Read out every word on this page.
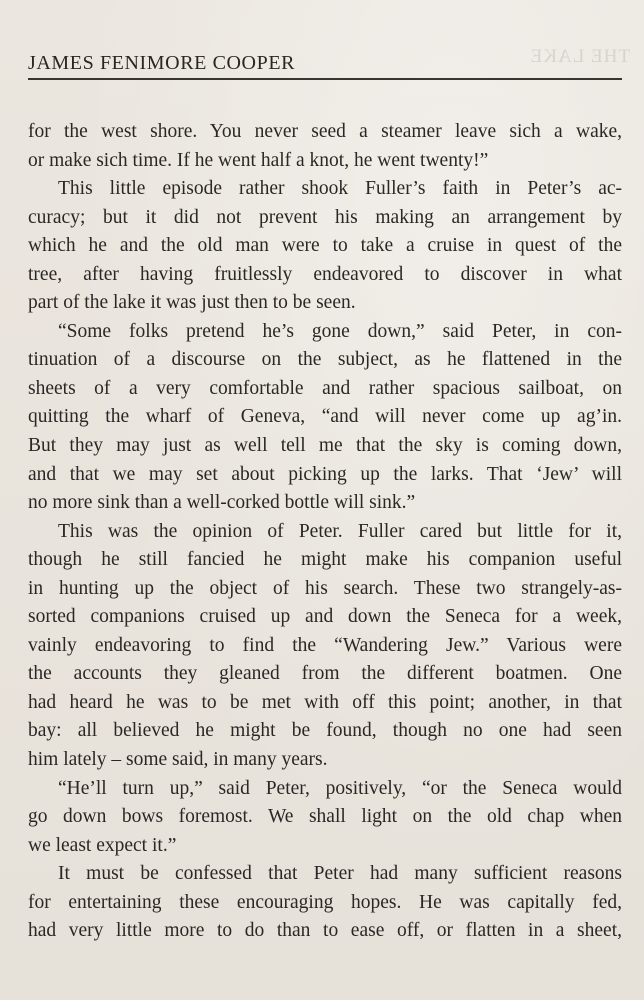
THE LAKE
JAMES FENIMORE COOPER
for the west shore. You never seed a steamer leave sich a wake,
or make sich time. If he went half a knot, he went twenty!”
This little episode rather shook Fuller’s faith in Peter’s ac-
curacy; but it did not prevent his making an arrangement by
which he and the old man were to take a cruise in quest of the
tree, after having fruitlessly endeavored to discover in what
part of the lake it was just then to be seen.
“Some folks pretend he’s gone down,” said Peter, in con-
tinuation of a discourse on the subject, as he flattened in the
sheets of a very comfortable and rather spacious sailboat, on
quitting the wharf of Geneva, “and will never come up ag’in.
But they may just as well tell me that the sky is coming down,
and that we may set about picking up the larks. That ‘Jew’ will
no more sink than a well-corked bottle will sink.”
This was the opinion of Peter. Fuller cared but little for it,
though he still fancied he might make his companion useful
in hunting up the object of his search. These two strangely-as-
sorted companions cruised up and down the Seneca for a week,
vainly endeavoring to find the “Wandering Jew.” Various were
the accounts they gleaned from the different boatmen. One
had heard he was to be met with off this point; another, in that
bay: all believed he might be found, though no one had seen
him lately – some said, in many years.
“He’ll turn up,” said Peter, positively, “or the Seneca would
go down bows foremost. We shall light on the old chap when
we least expect it.”
It must be confessed that Peter had many sufficient reasons
for entertaining these encouraging hopes. He was capitally fed,
had very little more to do than to ease off, or flatten in a sheet,
